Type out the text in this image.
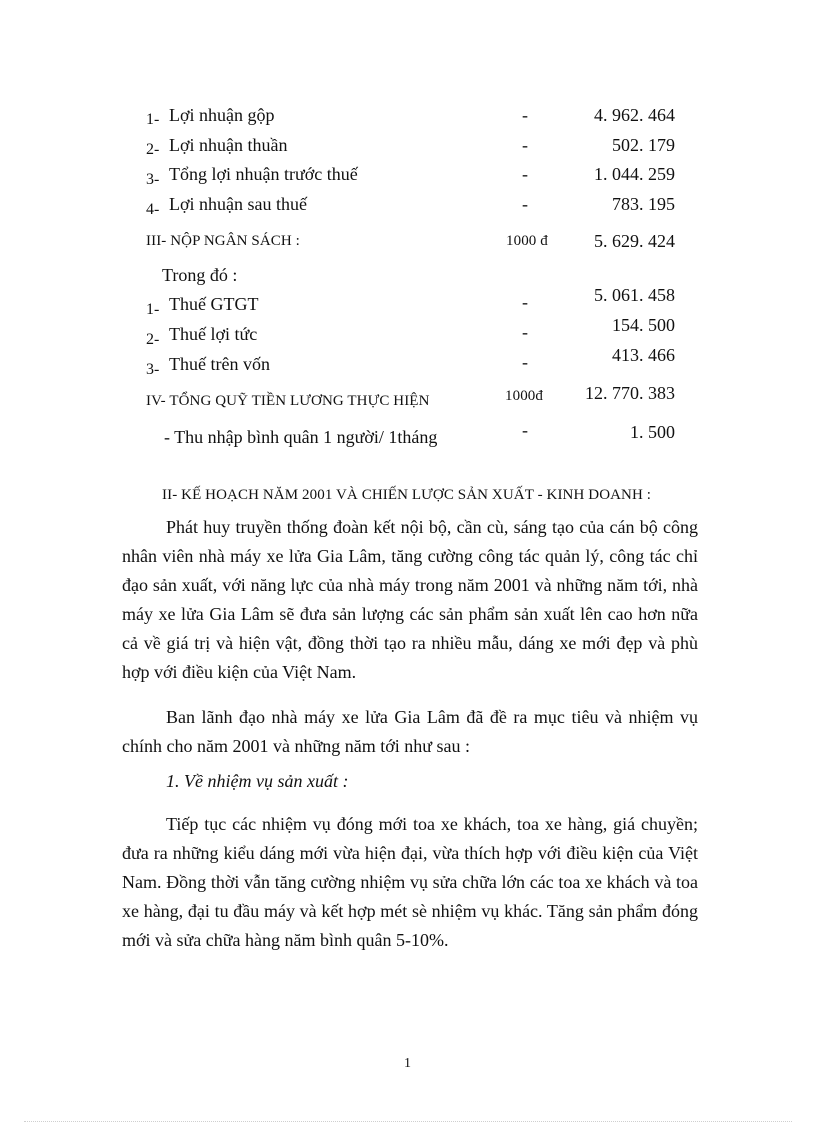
1- Lợi nhuận gộp	-	4. 962. 464
2- Lợi nhuận thuần	-	502. 179
3- Tổng lợi nhuận trước thuế	-	1. 044. 259
4- Lợi nhuận sau thuế	-	783. 195
III- NỘP NGÂN SÁCH :	1000 đ	5. 629. 424
Trong đó :
1- Thuế GTGT	-	5. 061. 458
2- Thuế lợi tức	-	154. 500
3- Thuế trên vốn	-	413. 466
IV- TỔNG QUỸ TIỀN LƯƠNG THỰC HIỆN	1000đ	12. 770. 383
- Thu nhập bình quân 1 người/ 1tháng	-	1. 500
II- KẾ HOẠCH NĂM 2001 VÀ CHIẾN LƯỢC SẢN XUẤT - KINH DOANH :

Phát huy truyền thống đoàn kết nội bộ, cần cù, sáng tạo của cán bộ công nhân viên nhà máy xe lửa Gia Lâm, tăng cường công tác quản lý, công tác chỉ đạo sản xuất, với năng lực của nhà máy trong năm 2001 và những năm tới, nhà máy xe lửa Gia Lâm sẽ đưa sản lượng các sản phẩm sản xuất lên cao hơn nữa cả về giá trị và hiện vật, đồng thời tạo ra nhiều mẫu, dáng xe mới đẹp và phù hợp với điều kiện của Việt Nam.

Ban lãnh đạo nhà máy xe lửa Gia Lâm đã đề ra mục tiêu và nhiệm vụ chính cho năm 2001 và những năm tới như sau :

1. Về nhiệm vụ sản xuất :

Tiếp tục các nhiệm vụ đóng mới toa xe khách, toa xe hàng, giá chuyền; đưa ra những kiểu dáng mới vừa hiện đại, vừa thích hợp với điều kiện của Việt Nam. Đồng thời vẫn tăng cường nhiệm vụ sửa chữa lớn các toa xe khách và toa xe hàng, đại tu đầu máy và kết hợp mét sè nhiệm vụ khác. Tăng sản phẩm đóng mới và sửa chữa hàng năm bình quân 5-10%.

1
